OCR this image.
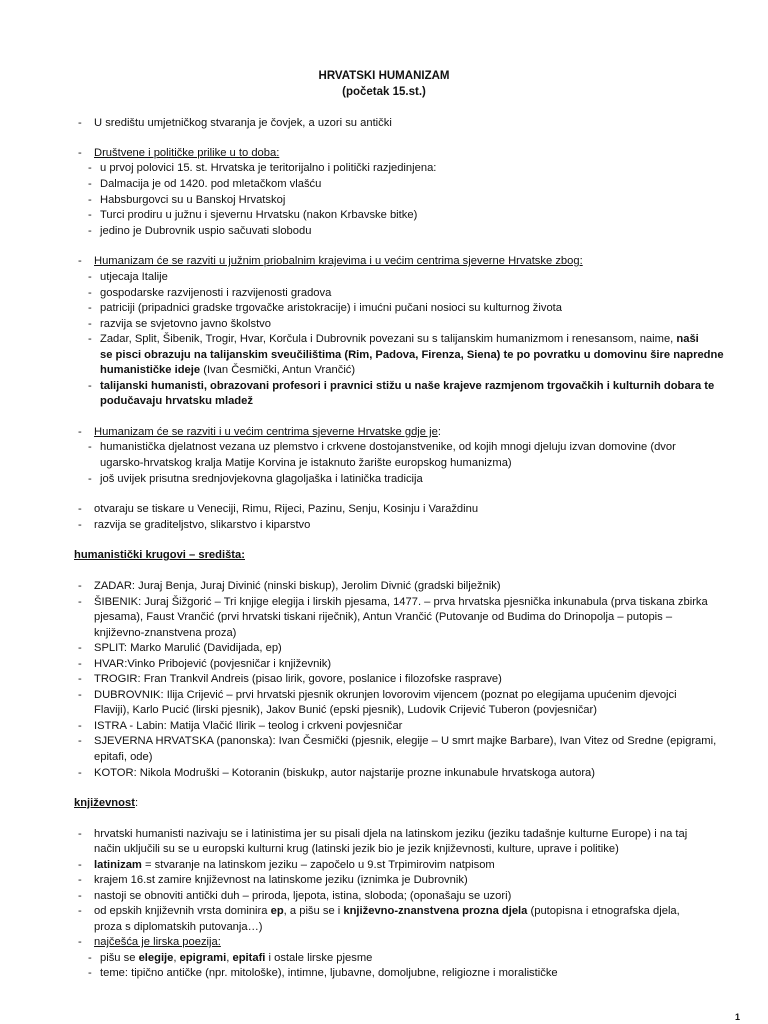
HRVATSKI HUMANIZAM
(početak 15.st.)
- U središtu umjetničkog stvaranja je čovjek, a uzori su antički
- Društvene i političke prilike u to doba:
- u prvoj polovici 15. st. Hrvatska je teritorijalno i politički razjedinjena:
- Dalmacija je od 1420. pod mletačkom vlašću
- Habsburgovci su u Banskoj Hrvatskoj
- Turci prodiru u južnu i sjevernu Hrvatsku (nakon Krbavske bitke)
- jedino je Dubrovnik uspio sačuvati slobodu
- Humanizam će se razviti u južnim priobalnim krajevima i u većim centrima sjeverne Hrvatske zbog:
- utjecaja Italije
- gospodarske razvijenosti i razvijenosti gradova
- patriciji (pripadnici gradske trgovačke aristokracije) i imućni pučani nosioci su kulturnog života
- razvija se svjetovno javno školstvo
- Zadar, Split, Šibenik, Trogir, Hvar, Korčula i Dubrovnik povezani su s talijanskim humanizmom i renesansom, naime, naši
se pisci obrazuju na talijanskim sveučilištima (Rim, Padova, Firenza, Siena) te po povratku u domovinu šire napredne
humanističke ideje (Ivan Česmički, Antun Vrančić)
- talijanski humanisti, obrazovani profesori i pravnici stižu u naše krajeve razmjenom trgovačkih i kulturnih dobara te
podučavaju hrvatsku mladež
- Humanizam će se razviti i u većim centrima sjeverne Hrvatske gdje je:
- humanistička djelatnost vezana uz plemstvo i crkvene dostojanstvenike, od kojih mnogi djeluju izvan domovine (dvor
ugarsko-hrvatskog kralja Matije Korvina je istaknuto žarište europskog humanizma)
- još uvijek prisutna srednjovjekovna glagoljaška i latinička tradicija
- otvaraju se tiskare u Veneciji, Rimu, Rijeci, Pazinu, Senju, Kosinju i Varaždinu
- razvija se graditeljstvo, slikarstvo i kiparstvo
humanistički krugovi – središta:
- ZADAR: Juraj Benja, Juraj Divinić (ninski biskup), Jerolim Divnić (gradski bilježnik)
- ŠIBENIK: Juraj Šižgorić – Tri knjige elegija i lirskih pjesama, 1477. – prva hrvatska pjesnička inkunabula (prva tiskana zbirka
pjesama), Faust Vrančić (prvi hrvatski tiskani riječnik), Antun Vrančić (Putovanje od Budima do Drinopolja – putopis –
književno-znanstvena proza)
- SPLIT: Marko Marulić (Davidijada, ep)
- HVAR:Vinko Pribojević (povjesničar i književnik)
- TROGIR: Fran Trankvil Andreis (pisao lirik, govore, poslanice i filozofske rasprave)
- DUBROVNIK: Ilija Crijević – prvi hrvatski pjesnik okrunjen lovorovim vijencem (poznat po elegijama upućenim djevojci
Flaviji), Karlo Pucić (lirski pjesnik), Jakov Bunić (epski pjesnik), Ludovik Crijević Tuberon (povjesničar)
- ISTRA - Labin: Matija Vlačić Ilirik – teolog i crkveni povjesničar
- SJEVERNA HRVATSKA (panonska): Ivan Česmički (pjesnik, elegije – U smrt majke Barbare), Ivan Vitez od Sredne (epigrami,
epitafi, ode)
- KOTOR: Nikola Modruški – Kotoranin (biskukp, autor najstarije prozne inkunabule hrvatskoga autora)
književnost:
- hrvatski humanisti nazivaju se i latinistima jer su pisali djela na latinskom jeziku (jeziku tadašnje kulturne Europe) i na taj
način uključili su se u europski kulturni krug (latinski jezik bio je jezik književnosti, kulture, uprave i politike)
- latinizam = stvaranje na latinskom jeziku – započelo u 9.st Trpimirovim natpisom
- krajem 16.st zamire književnost na latinskome jeziku (iznimka je Dubrovnik)
- nastoji se obnoviti antički duh – priroda, ljepota, istina, sloboda; (oponašaju se uzori)
- od epskih književnih vrsta dominira ep, a pišu se i književno-znanstvena prozna djela (putopisna i etnografska djela,
proza s diplomatskih putovanja…)
- najčešća je lirska poezija:
- pišu se elegije, epigrami, epitafi i ostale lirske pjesme
- teme: tipično antičke (npr. mitološke), intimne, ljubavne, domoljubne, religiozne i moralističke
1
